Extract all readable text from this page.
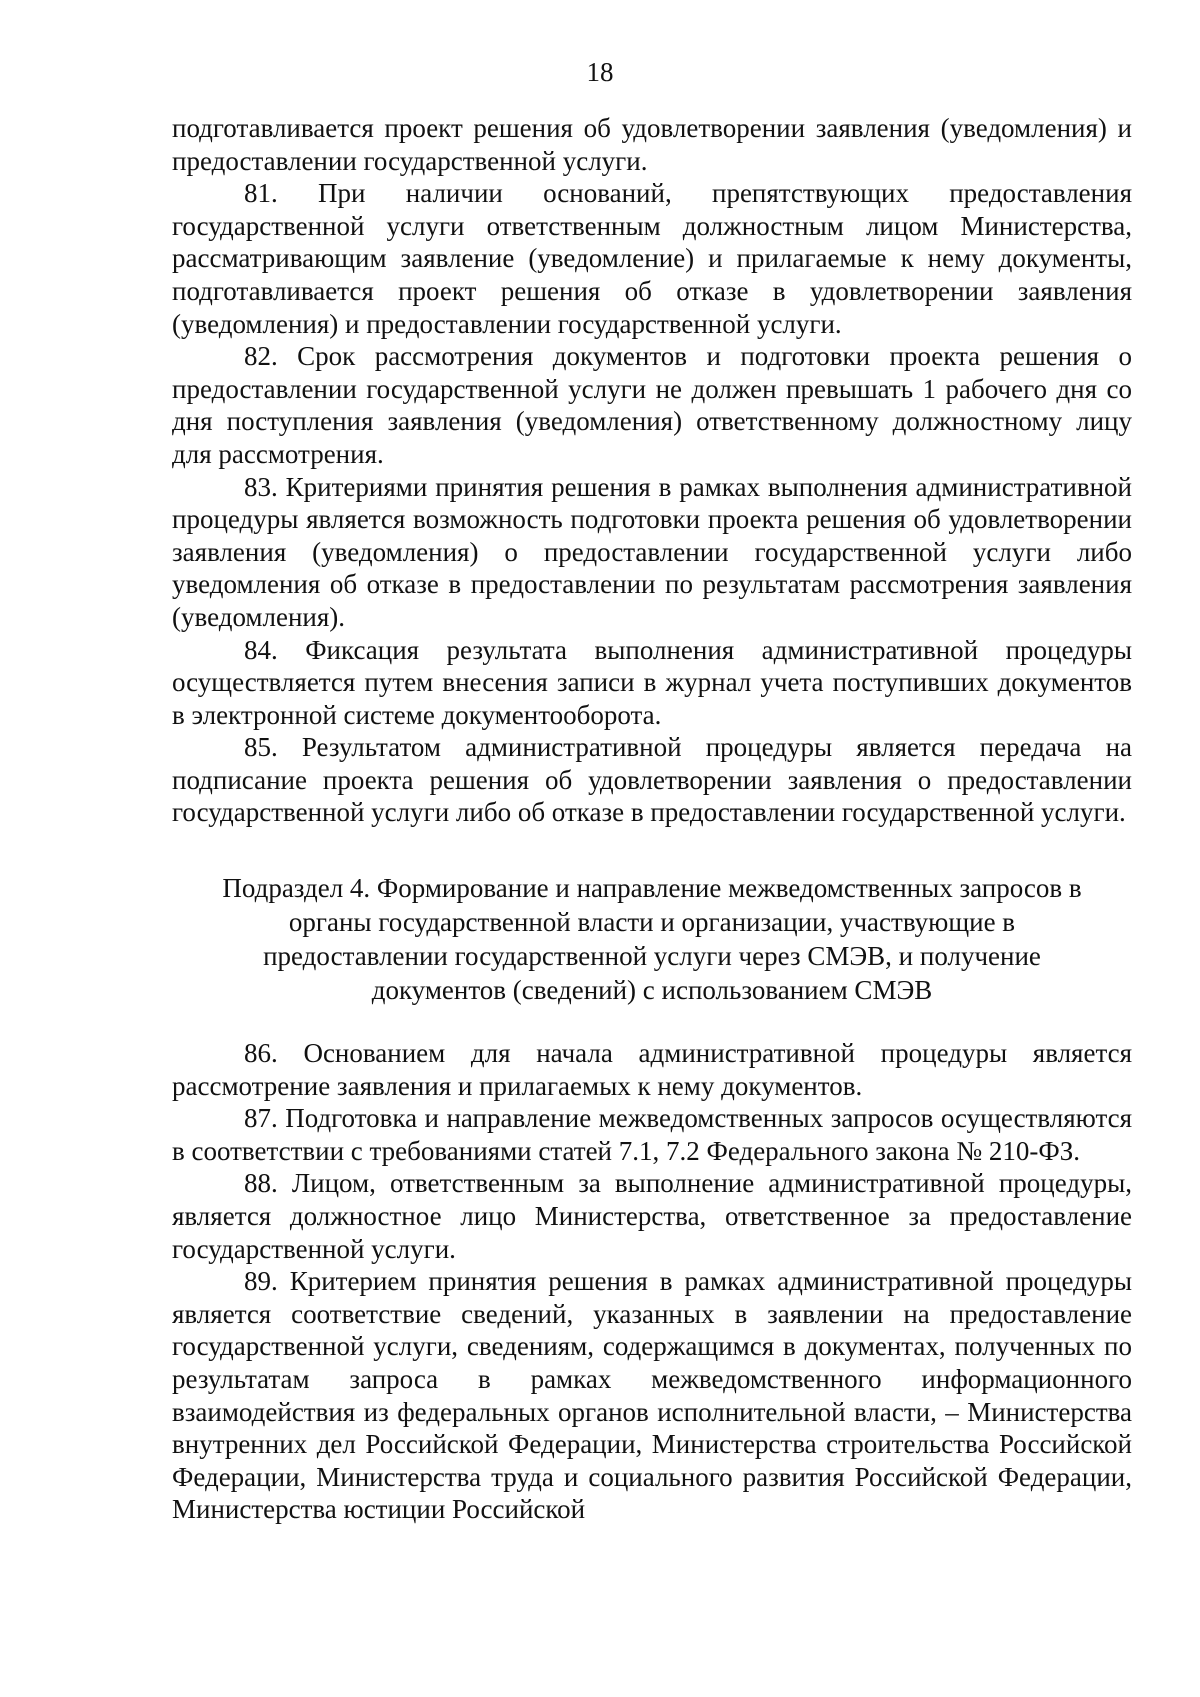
18

подготавливается проект решения об удовлетворении заявления (уведомления) и предоставлении государственной услуги.

81. При наличии оснований, препятствующих предоставления государственной услуги ответственным должностным лицом Министерства, рассматривающим заявление (уведомление) и прилагаемые к нему документы, подготавливается проект решения об отказе в удовлетворении заявления (уведомления) и предоставлении государственной услуги.

82. Срок рассмотрения документов и подготовки проекта решения о предоставлении государственной услуги не должен превышать 1 рабочего дня со дня поступления заявления (уведомления) ответственному должностному лицу для рассмотрения.

83. Критериями принятия решения в рамках выполнения административной процедуры является возможность подготовки проекта решения об удовлетворении заявления (уведомления) о предоставлении государственной услуги либо уведомления об отказе в предоставлении по результатам рассмотрения заявления (уведомления).

84. Фиксация результата выполнения административной процедуры осуществляется путем внесения записи в журнал учета поступивших документов в электронной системе документооборота.

85. Результатом административной процедуры является передача на подписание проекта решения об удовлетворении заявления о предоставлении государственной услуги либо об отказе в предоставлении государственной услуги.

Подраздел 4. Формирование и направление межведомственных запросов в органы государственной власти и организации, участвующие в предоставлении государственной услуги через СМЭВ, и получение документов (сведений) с использованием СМЭВ

86. Основанием для начала административной процедуры является рассмотрение заявления и прилагаемых к нему документов.

87. Подготовка и направление межведомственных запросов осуществляются в соответствии с требованиями статей 7.1, 7.2 Федерального закона № 210-ФЗ.

88. Лицом, ответственным за выполнение административной процедуры, является должностное лицо Министерства, ответственное за предоставление государственной услуги.

89. Критерием принятия решения в рамках административной процедуры является соответствие сведений, указанных в заявлении на предоставление государственной услуги, сведениям, содержащимся в документах, полученных по результатам запроса в рамках межведомственного информационного взаимодействия из федеральных органов исполнительной власти, – Министерства внутренних дел Российской Федерации, Министерства строительства Российской Федерации, Министерства труда и социального развития Российской Федерации, Министерства юстиции Российской
